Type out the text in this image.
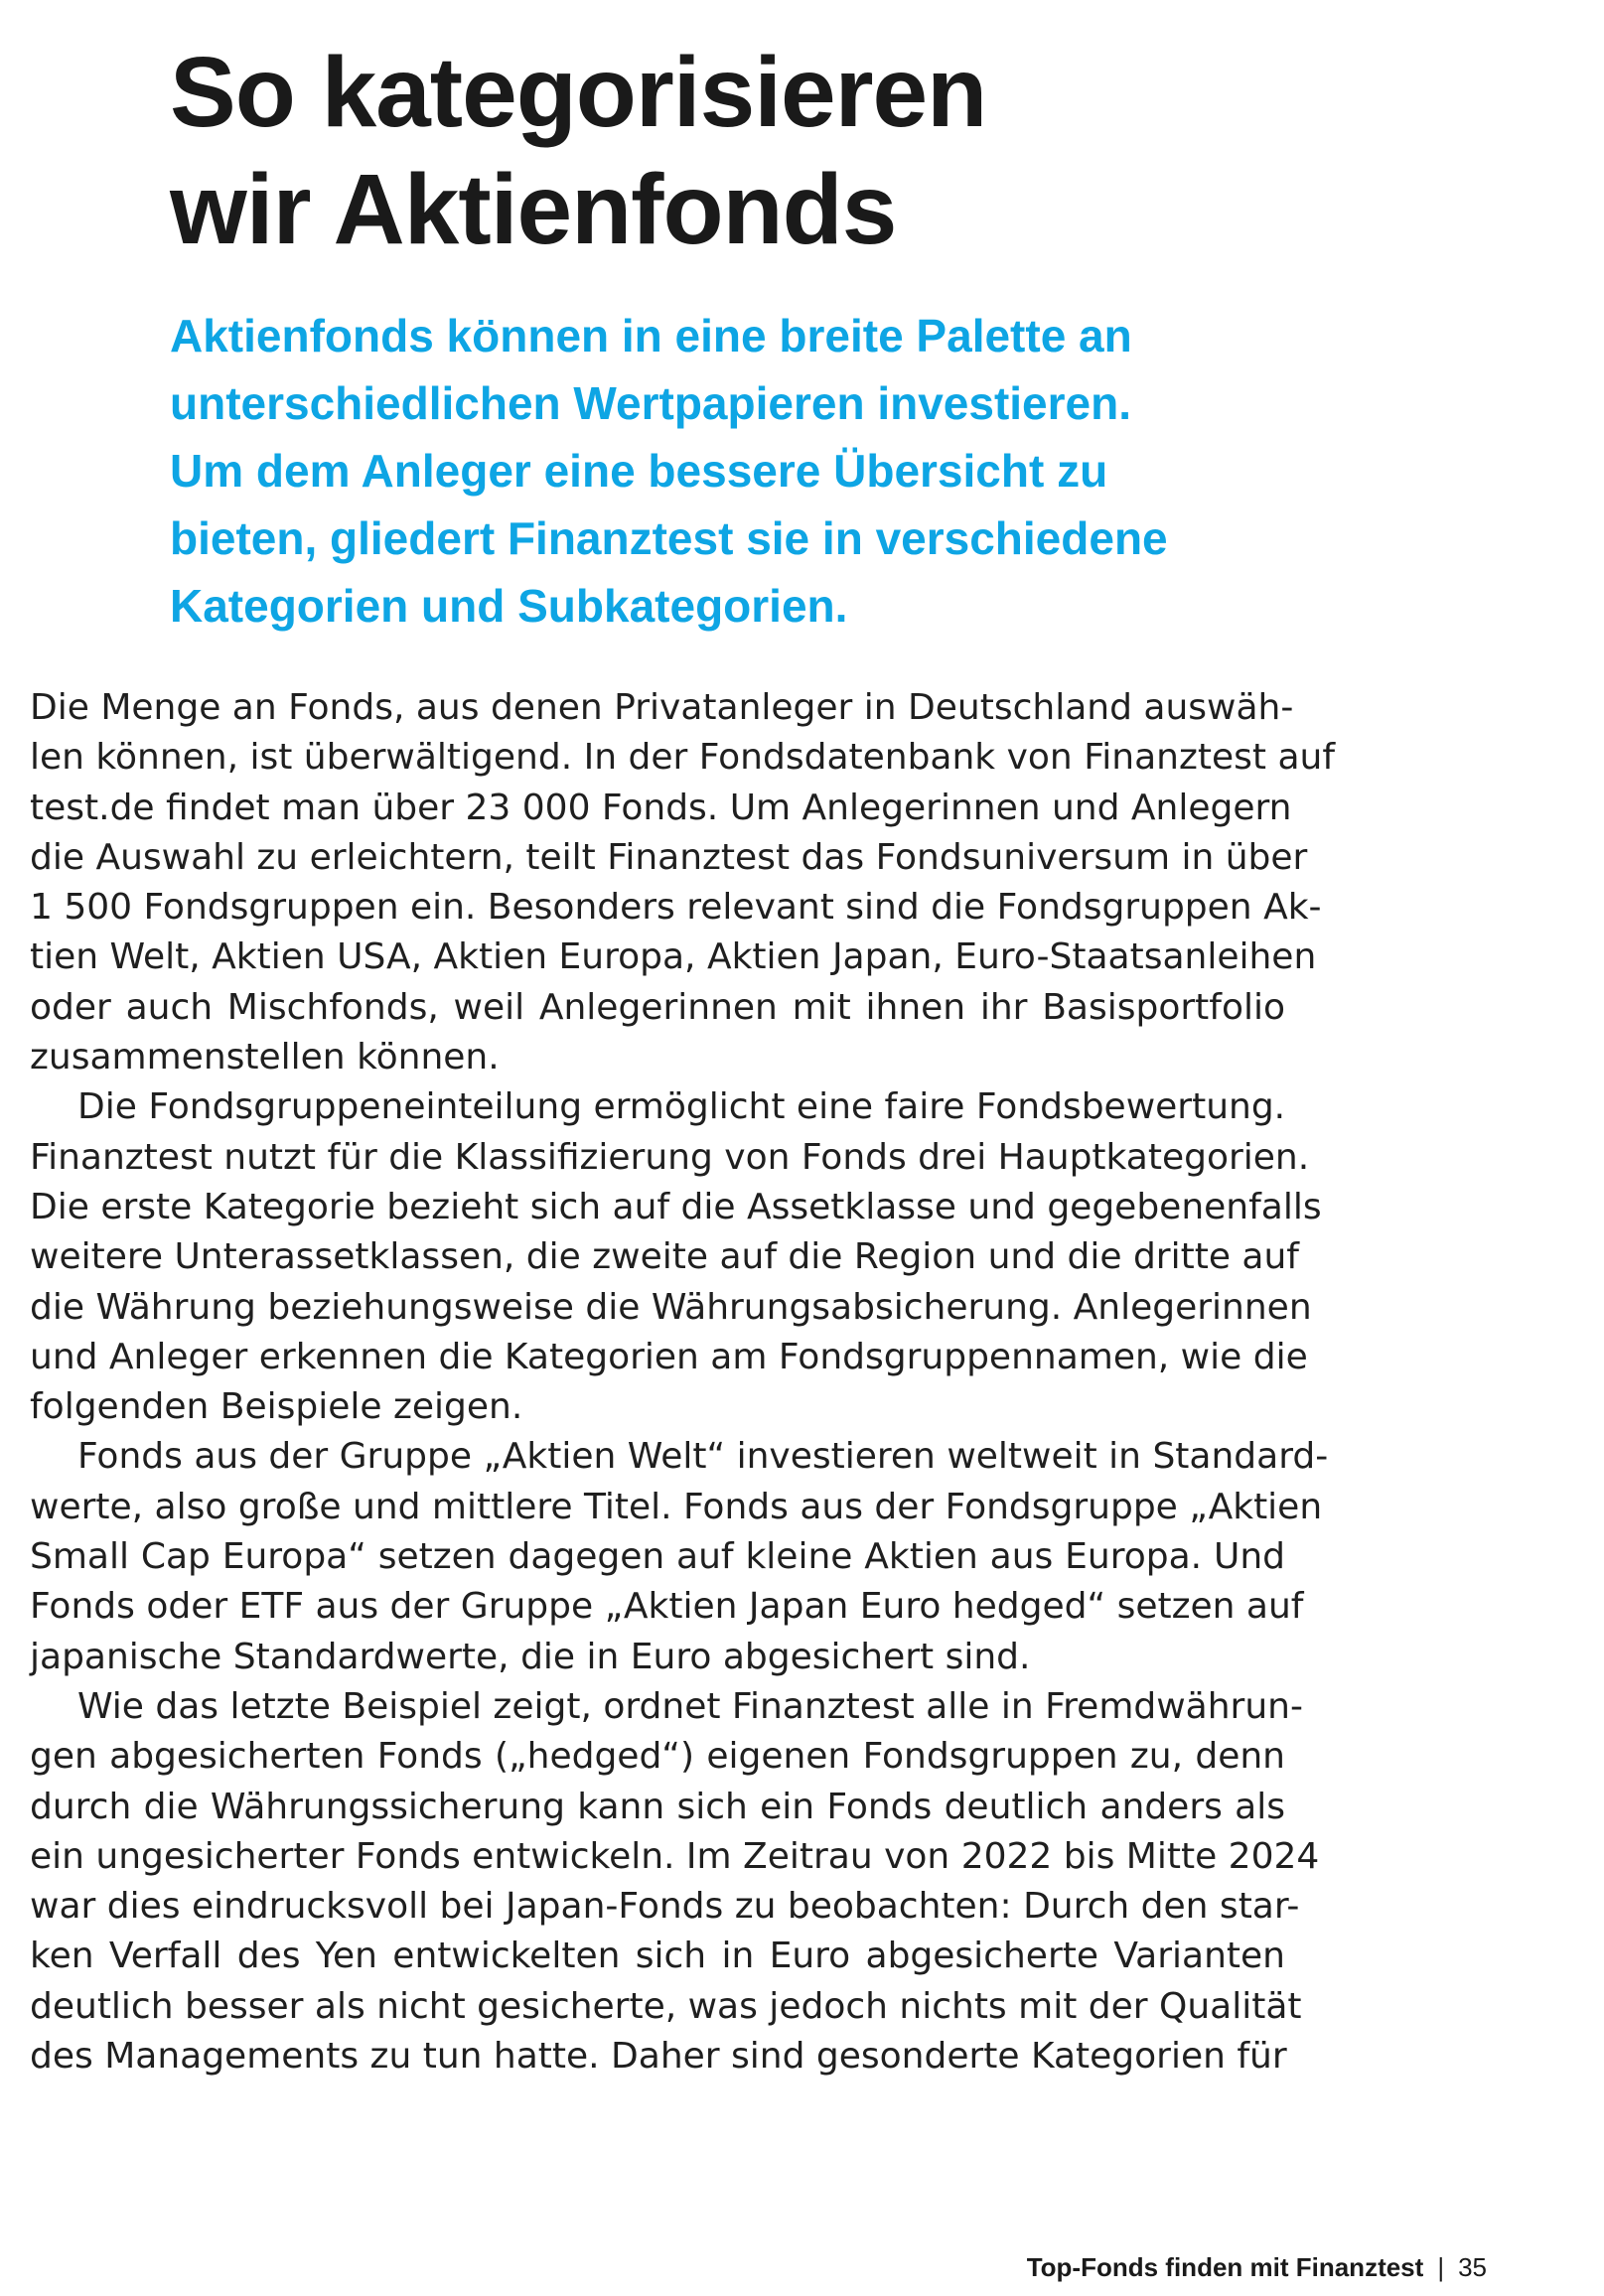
So kategorisieren
wir Aktienfonds
Aktienfonds können in eine breite Palette an
unterschiedlichen Wertpapieren investieren.
Um dem Anleger eine bessere Übersicht zu
bieten, gliedert Finanztest sie in verschiedene
Kategorien und Subkategorien.

Die Menge an Fonds, aus denen Privatanleger in Deutschland auswäh-
len können, ist überwältigend. In der Fondsdatenbank von Finanztest auf
test.de findet man über 23 000 Fonds. Um Anlegerinnen und Anlegern
die Auswahl zu erleichtern, teilt Finanztest das Fondsuniversum in über
1 500 Fondsgruppen ein. Besonders relevant sind die Fondsgruppen Ak-
tien Welt, Aktien USA, Aktien Europa, Aktien Japan, Euro-Staatsanleihen
oder auch Mischfonds, weil Anlegerinnen mit ihnen ihr Basisportfolio
zusammenstellen können.

Die Fondsgruppeneinteilung ermöglicht eine faire Fondsbewertung.
Finanztest nutzt für die Klassifizierung von Fonds drei Hauptkategorien.
Die erste Kategorie bezieht sich auf die Assetklasse und gegebenenfalls
weitere Unterassetklassen, die zweite auf die Region und die dritte auf
die Währung beziehungsweise die Währungsabsicherung. Anlegerinnen
und Anleger erkennen die Kategorien am Fondsgruppennamen, wie die
folgenden Beispiele zeigen.

Fonds aus der Gruppe „Aktien Welt“ investieren weltweit in Standard-
werte, also große und mittlere Titel. Fonds aus der Fondsgruppe „Aktien
Small Cap Europa“ setzen dagegen auf kleine Aktien aus Europa. Und
Fonds oder ETF aus der Gruppe „Aktien Japan Euro hedged“ setzen auf
japanische Standardwerte, die in Euro abgesichert sind.

Wie das letzte Beispiel zeigt, ordnet Finanztest alle in Fremdwährun-
gen abgesicherten Fonds („hedged“) eigenen Fondsgruppen zu, denn
durch die Währungssicherung kann sich ein Fonds deutlich anders als
ein ungesicherter Fonds entwickeln. Im Zeitrau von 2022 bis Mitte 2024
war dies eindrucksvoll bei Japan-Fonds zu beobachten: Durch den star-
ken Verfall des Yen entwickelten sich in Euro abgesicherte Varianten
deutlich besser als nicht gesicherte, was jedoch nichts mit der Qualität
des Managements zu tun hatte. Daher sind gesonderte Kategorien für

Top-Fonds finden mit Finanztest | 35
